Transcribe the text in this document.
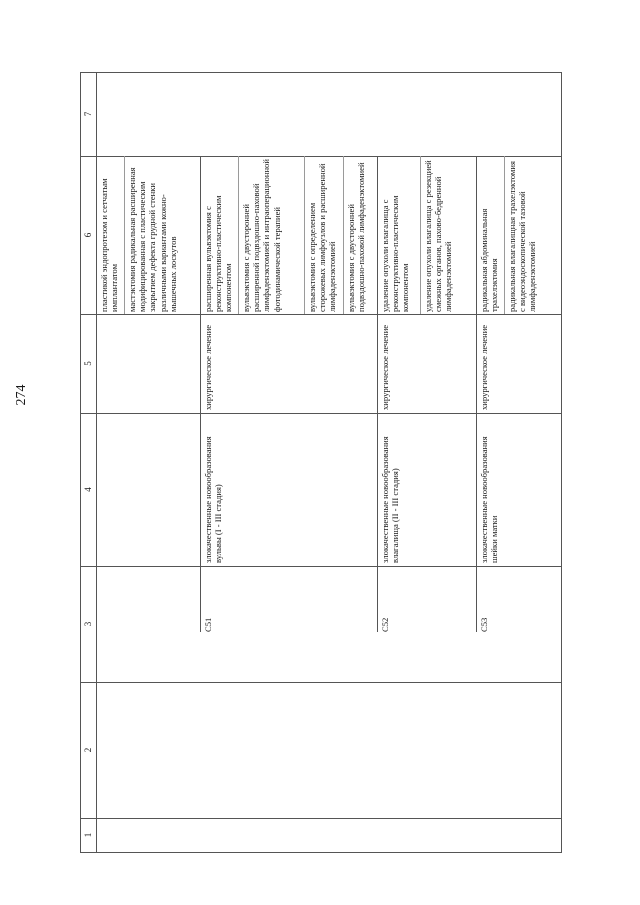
274
1
2
3
4
5
6
7
пластикой эндопротезом и сетчатым имплантатом мастэктомия радикальная расширенная модифицированная с пластическим закрытием дефекта грудной стенки различными вариантами кожно-мышечных лоскутов
C51
злокачественные новообразования вульвы (I - III стадия)
хирургическое лечение
расширенная вульвэктомия с реконструктивно-пластическим компонентом вульвэктомия с двусторонней расширенной подвздошно-паховой лимфаденэктомией и интраоперационной фотодинамической терапией	вульвэктомия с определением сторожевых лимфоузлов и расширенной лимфаденэктомией вульвэктомия с двусторонней подвздошно-паховой лимфаденэктомией
C52
злокачественные новообразования влагалища (II - III стадия)
хирургическое лечение
удаление опухоли влагалища с реконструктивно-пластическим компонентом удаление опухоли влагалища с резекцией смежных органов, пахово-бедренной лимфаденэктомией
C53
злокачественные новообразования шейки матки
хирургическое лечение
радикальная абдоминальная трахелэктомия радикальная влагалищная трахелэктомия с видеоэндоскопической тазовой лимфаденэктомией
